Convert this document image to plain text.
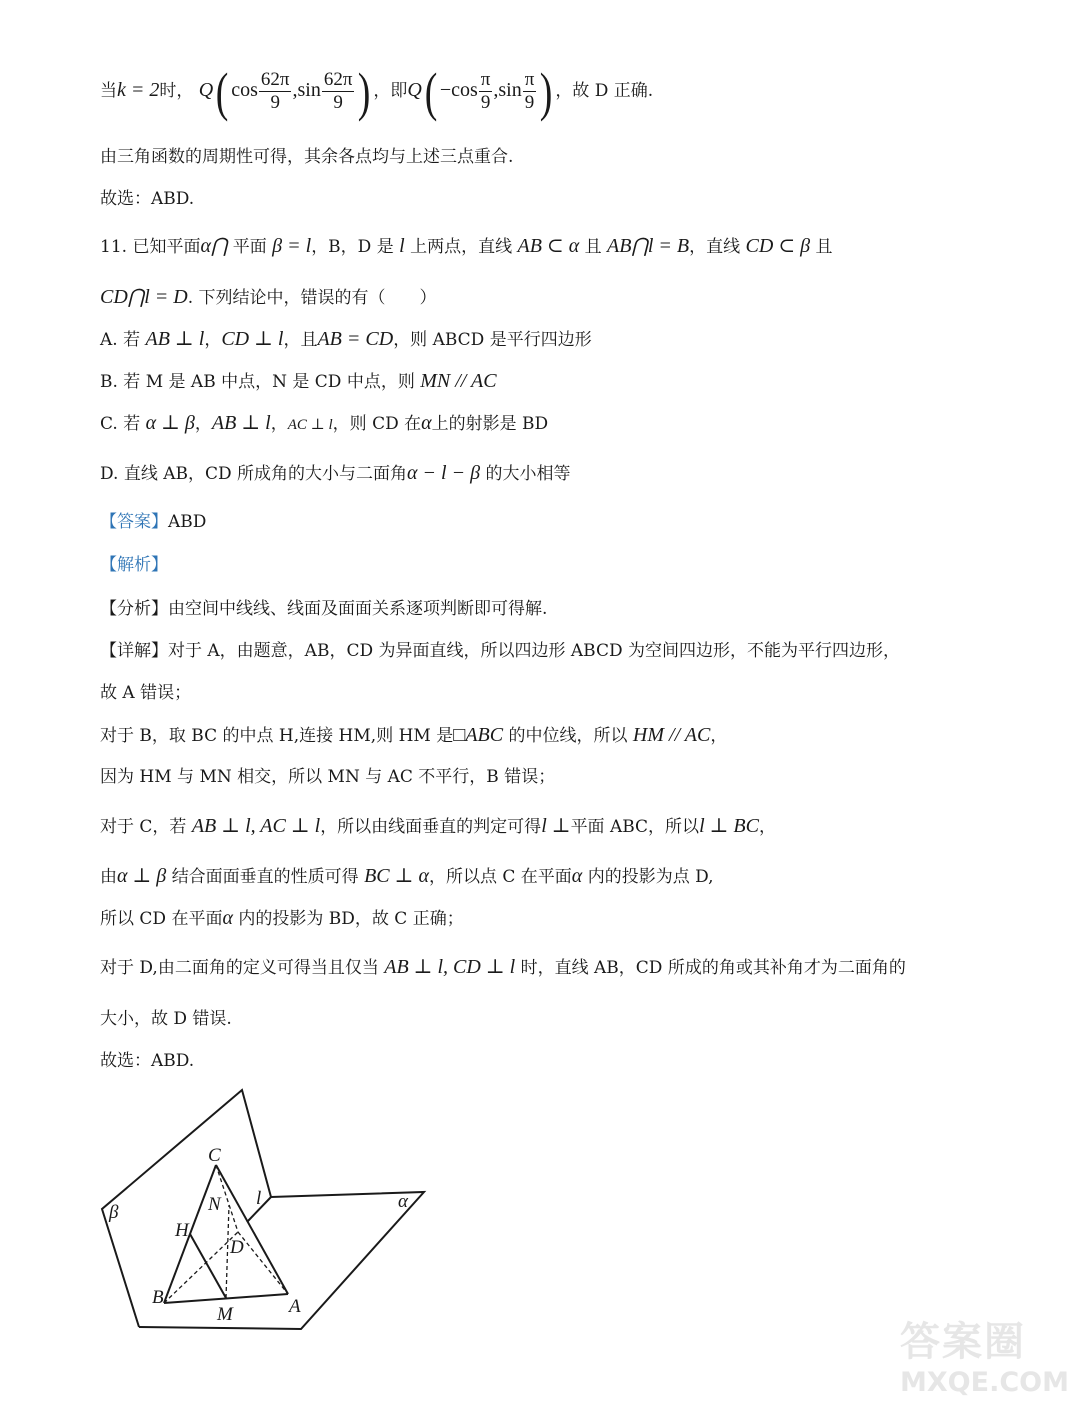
当k = 2时， Q( $\cos \frac{62\pi}{9} ,\sin \frac{62\pi}{9}$ ) ，即$Q( -\cos \frac{\pi}{9} ,\sin \frac{\pi}{9}$ ) ，故 D 正确.
由三角函数的周期性可得，其余各点均与上述三点重合.
故选：ABD.
11. 已知平面α⋂ 平面 β = l，B，D 是 l 上两点，直线 AB ⊂ α 且 AB⋂l = B，直线 CD ⊂ β 且
CD⋂l = D. 下列结论中，错误的有（　　）
A. 若 AB ⊥ l，CD ⊥ l，且AB = CD，则 ABCD 是平行四边形
B. 若 M 是 AB 中点，N 是 CD 中点，则 MN // AC
C. 若 α ⊥ β，AB ⊥ l，AC ⊥ l，则 CD 在α上的射影是 BD
D. 直线 AB，CD 所成角的大小与二面角α − l − β 的大小相等
【答案】ABD
【解析】
【分析】由空间中线线、线面及面面关系逐项判断即可得解.
【详解】对于 A，由题意，AB，CD 为异面直线，所以四边形 ABCD 为空间四边形，不能为平行四边形，
故 A 错误；
对于 B，取 BC 的中点 H,连接 HM,则 HM 是□ABC 的中位线，所以 HM // AC，
因为 HM 与 MN 相交，所以 MN 与 AC 不平行，B 错误；
对于 C，若 AB ⊥ l, AC ⊥ l，所以由线面垂直的判定可得l ⊥平面 ABC，所以l ⊥ BC，
由α ⊥ β 结合面面垂直的性质可得 BC ⊥ α，所以点 C 在平面α 内的投影为点 D,
所以 CD 在平面α 内的投影为 BD，故 C 正确；
对于 D,由二面角的定义可得当且仅当 AB ⊥ l, CD ⊥ l 时，直线 AB，CD 所成的角或其补角才为二面角的
大小，故 D 错误.
故选：ABD.
C
N l	α
β
H
D
B
M	A
答案圈
MXQE.COM
